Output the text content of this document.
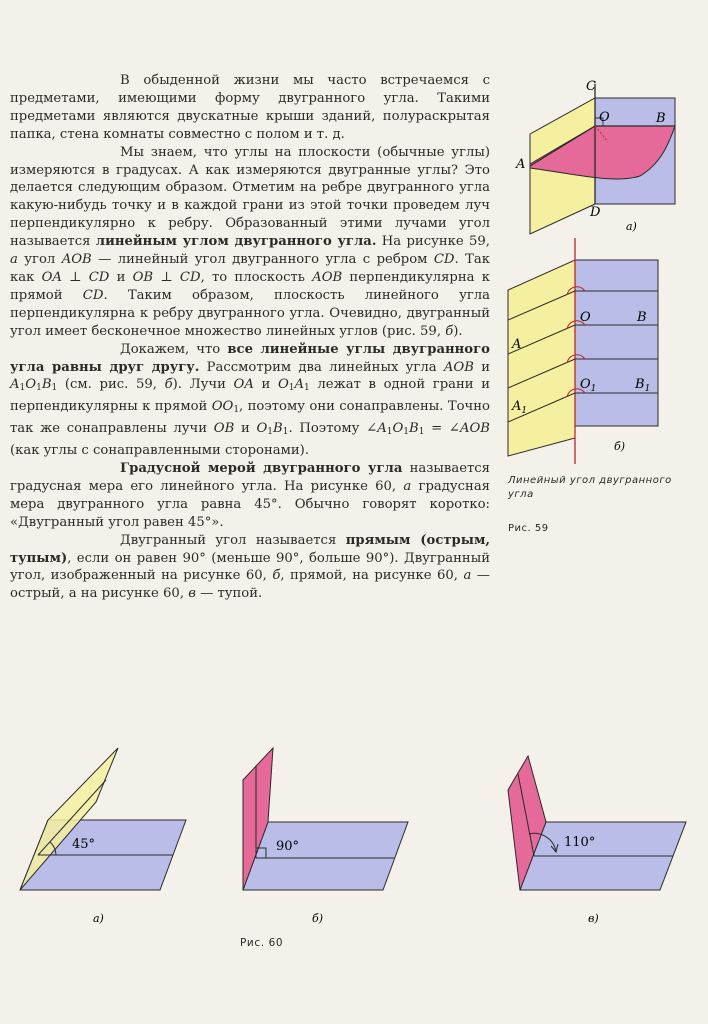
В обыденной жизни мы часто встречаемся с предметами, имеющими форму двугранного угла. Такими предметами являются двускатные крыши зданий, полураскрытая папка, стена комнаты совместно с полом и т. д.

Мы знаем, что углы на плоскости (обычные углы) измеряются в градусах. А как измеряются двугранные углы? Это делается следующим образом. Отметим на ребре двугранного угла какую-нибудь точку и в каждой грани из этой точки проведем луч перпендикулярно к ребру. Образованный этими лучами угол называется линейным углом двугранного угла. На рисунке 59, а угол AOB — линейный угол двугранного угла с ребром CD. Так как OA ⊥ CD и OB ⊥ CD, то плоскость AOB перпендикулярна к прямой CD. Таким образом, плоскость линейного угла перпендикулярна к ребру двугранного угла. Очевидно, двугранный угол имеет бесконечное множество линейных углов (рис. 59, б).

Докажем, что все линейные углы двугранного угла равны друг другу. Рассмотрим два линейных угла AOB и $A_1O_1B_1$ (см. рис. 59, б). Лучи OA и $O_1A_1$ лежат в одной грани и перпендикулярны к прямой $OO_1$, поэтому они сонаправлены. Точно так же сонаправлены лучи OB и $O_1B_1$. Поэтому $\angle A_1O_1B_1$ = ∠AOB (как углы с сонаправленными сторонами).

Градусной мерой двугранного угла называется градусная мера его линейного угла. На рисунке 60, а градусная мера двугранного угла равна 45°. Обычно говорят коротко: «Двугранный угол равен 45°».

Двугранный угол называется прямым (острым, тупым), если он равен 90° (меньше 90°, больше 90°). Двугранный угол, изображенный на рисунке 60, б, прямой, на рисунке 60, а — острый, а на рисунке 60, в — тупой.

C
O	B
A
D
а)
O	B
A
$O_1$	$B_1$
$A_1$
б)
Линейный угол двугранного угла
Рис. 59
45°
а)
90°
б)
110°
в)
Рис. 60
